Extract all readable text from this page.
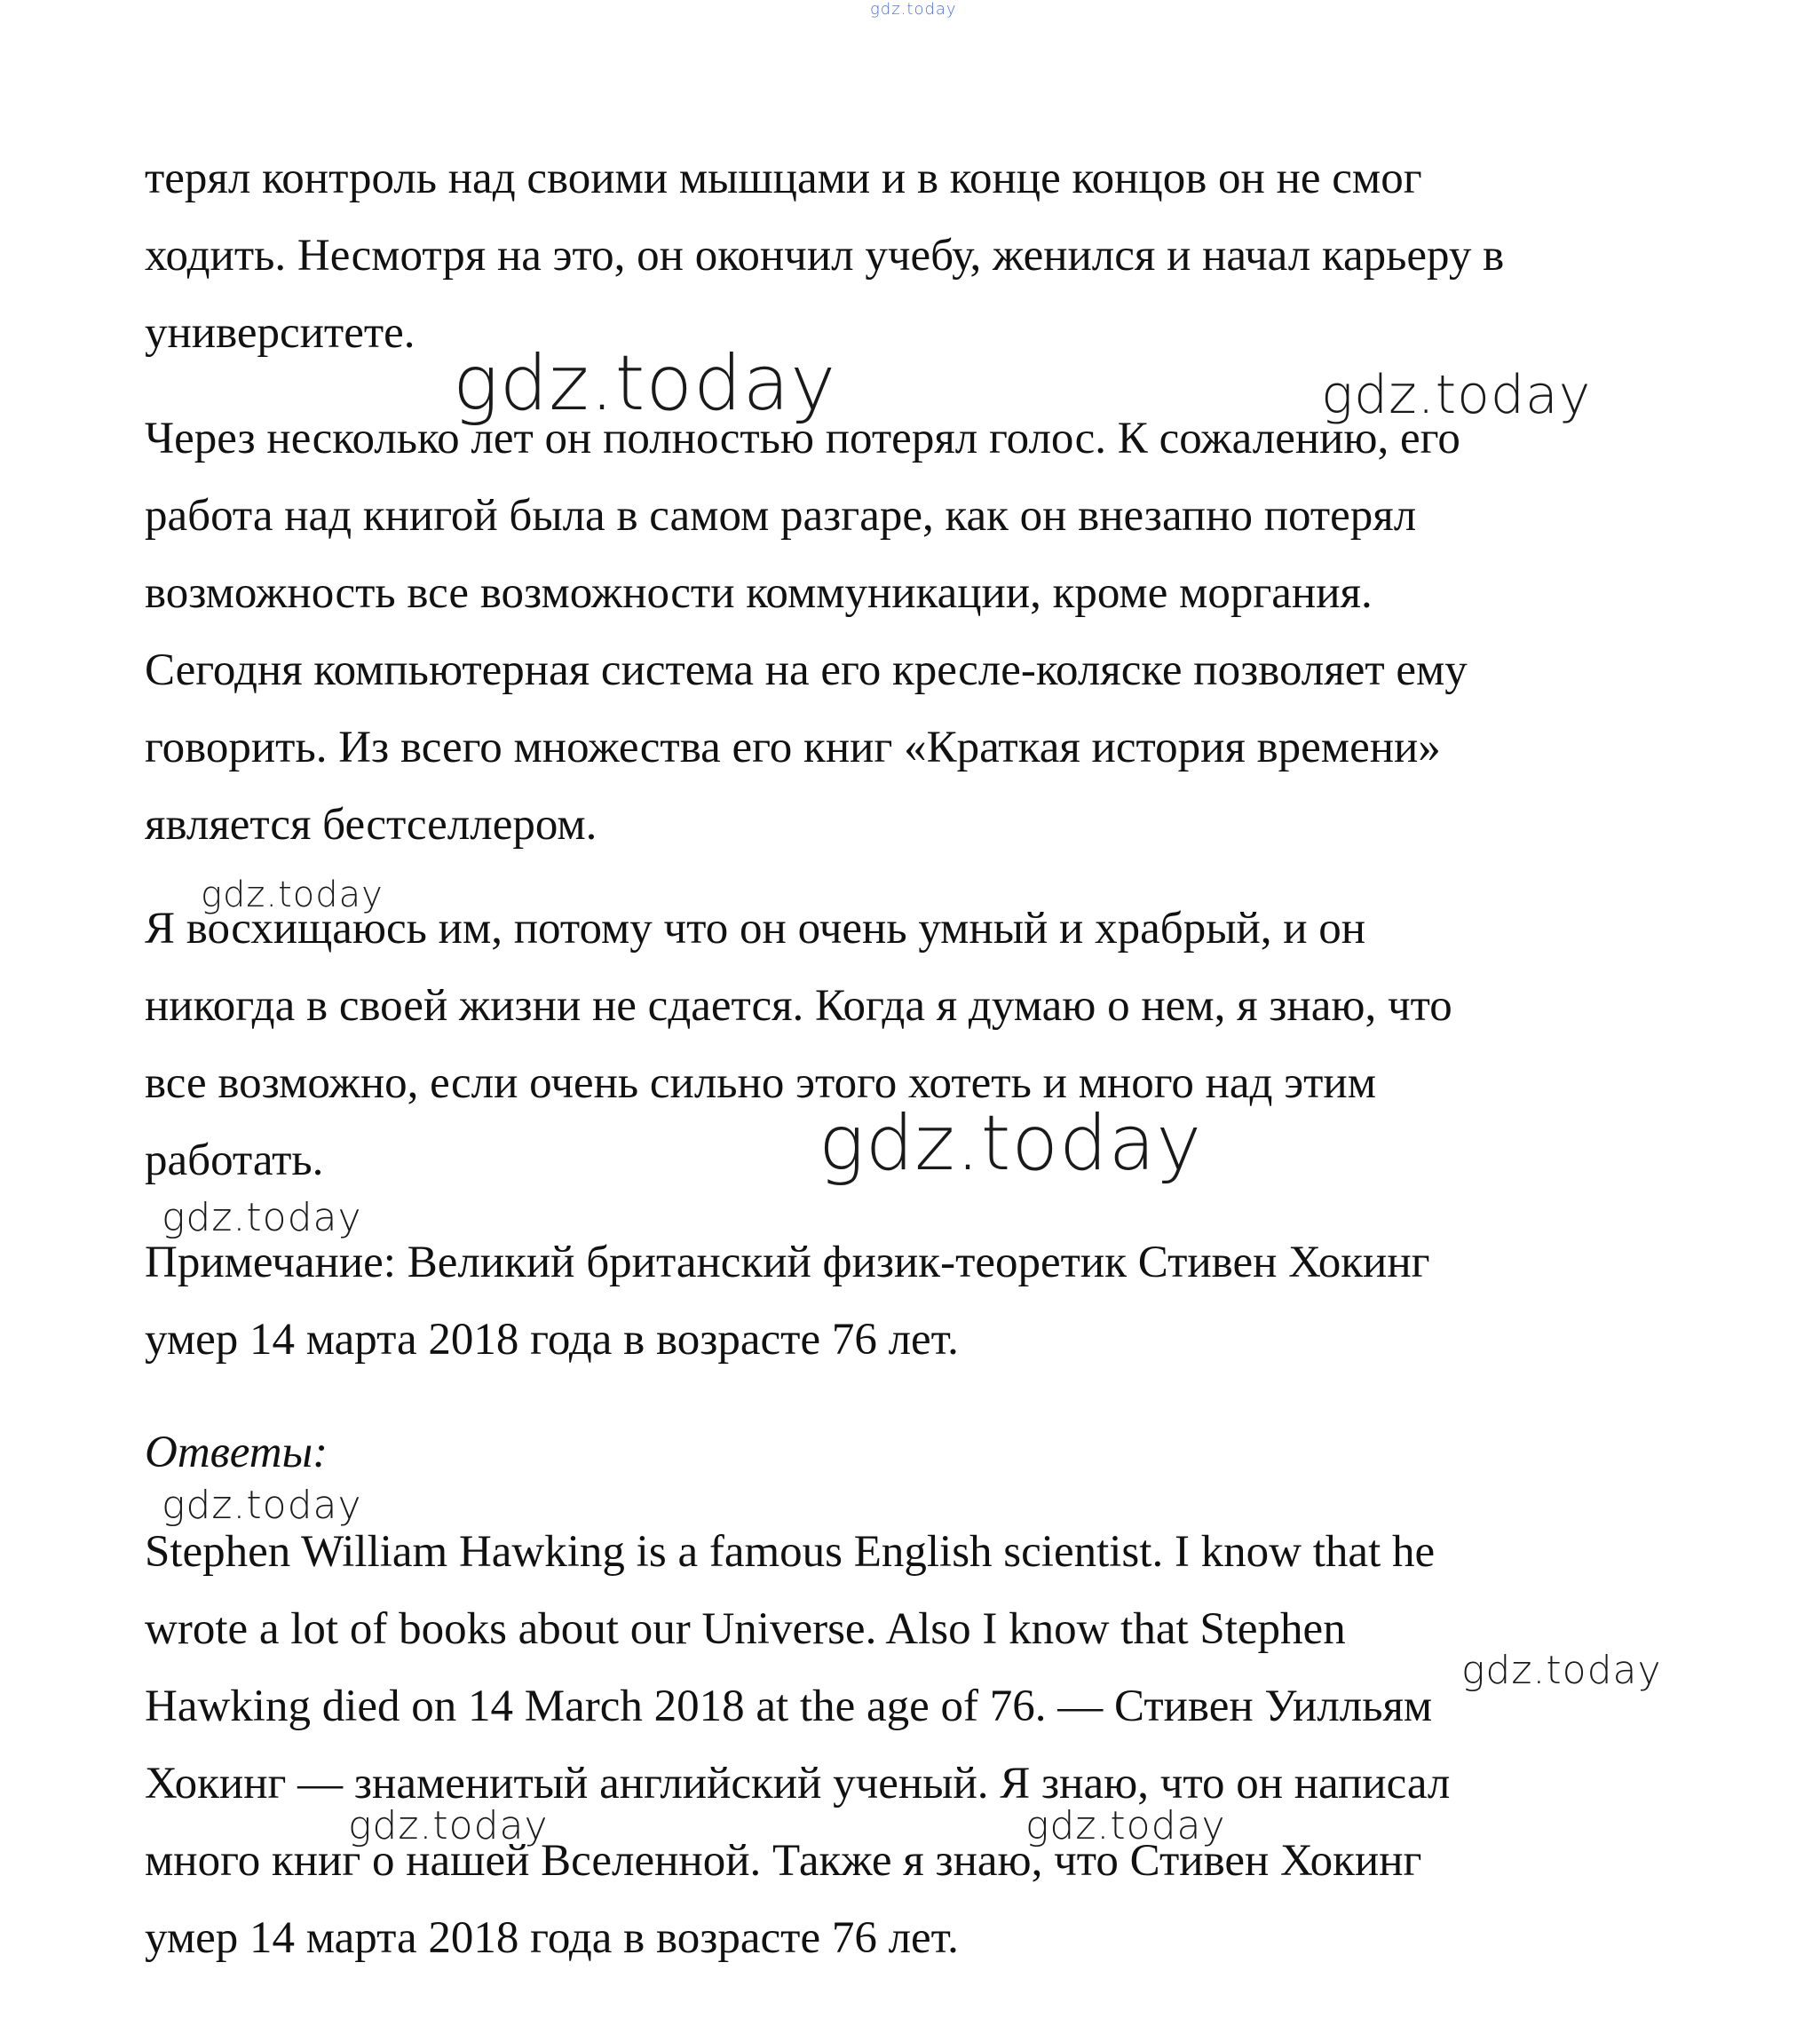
gdz.today

терял контроль над своими мышцами и в конце концов он не смог
ходить. Несмотря на это, он окончил учебу, женился и начал карьеру в
университете.

Через несколько лет он полностью потерял голос. К сожалению, его
работа над книгой была в самом разгаре, как он внезапно потерял
возможность все возможности коммуникации, кроме моргания.
Сегодня компьютерная система на его кресле-коляске позволяет ему
говорить. Из всего множества его книг «Краткая история времени»
является бестселлером.

Я восхищаюсь им, потому что он очень умный и храбрый, и он
никогда в своей жизни не сдается. Когда я думаю о нем, я знаю, что
все возможно, если очень сильно этого хотеть и много над этим
работать.

Примечание: Великий британский физик-теоретик Стивен Хокинг
умер 14 марта 2018 года в возрасте 76 лет.

Ответы:

Stephen William Hawking is a famous English scientist. I know that he
wrote a lot of books about our Universe. Also I know that Stephen
Hawking died on 14 March 2018 at the age of 76. — Стивен Уилльям
Хокинг — знаменитый английский ученый. Я знаю, что он написал
много книг о нашей Вселенной. Также я знаю, что Стивен Хокинг
умер 14 марта 2018 года в возрасте 76 лет.

gdz.today	gdz.today
gdz.today
gdz.today
gdz.today
gdz.today
gdz.today
gdz.today	gdz.today
